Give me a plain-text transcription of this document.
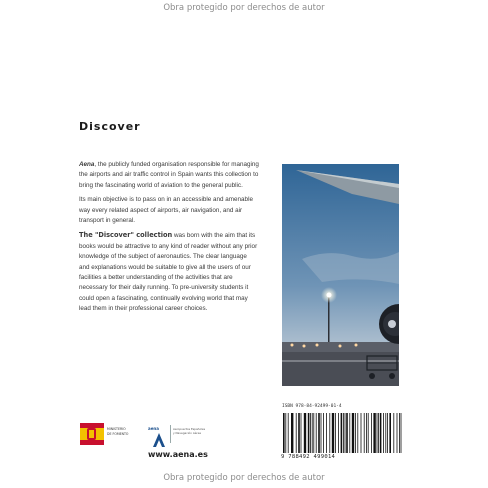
Obra protegido por derechos de autor
Discover

Aena, the publicly funded organisation responsible for managing the airports and air traffic control in Spain wants this collection to bring the fascinating world of aviation to the general public.

Its main objective is to pass on in an accessible and amenable way every related aspect of airports, air navigation, and air transport in general.

The "Discover" collection was born with the aim that its books would be attractive to any kind of reader without any prior knowledge of the subject of aeronautics. The clear language and explanations would be suitable to give all the users of our facilities a better understanding of the activities that are necessary for their daily running. To pre-university students it could open a fascinating, continually evolving world that may lead them in their professional career choices.

ISBN 978-84-92499-01-4
9 788492 499014
MINISTERIO
DE FOMENTO
aena	Aeropuertos Españoles
y Navegación Aérea
www.aena.es
Obra protegido por derechos de autor
